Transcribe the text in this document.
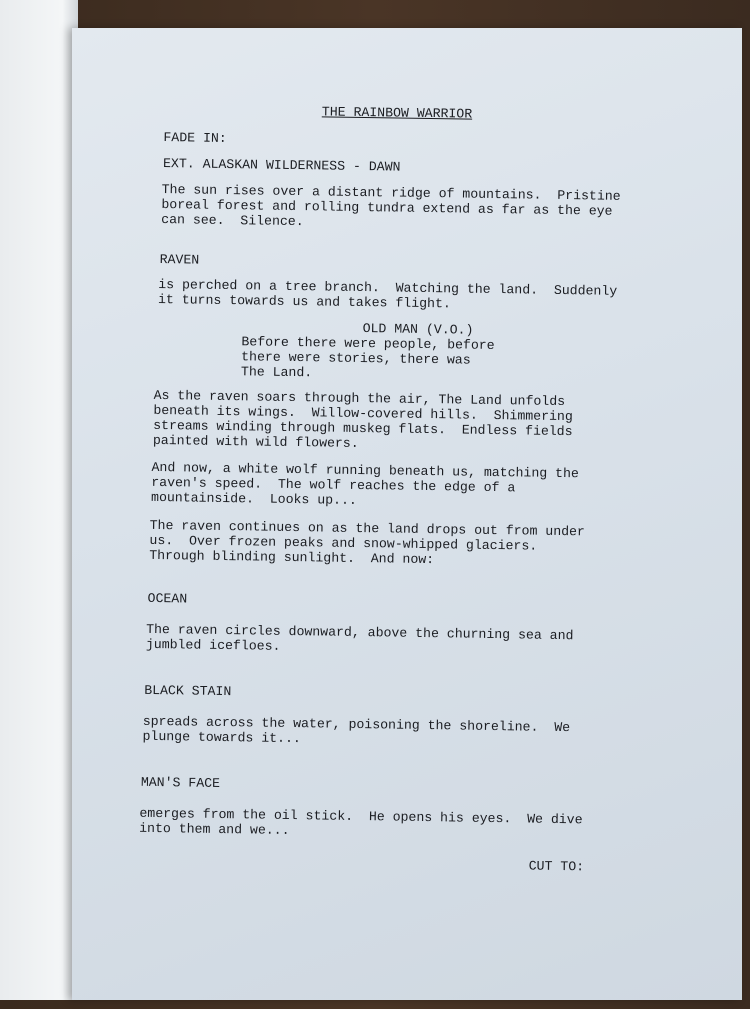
THE RAINBOW WARRIOR
FADE IN:
EXT. ALASKAN WILDERNESS - DAWN
The sun rises over a distant ridge of mountains.  Pristine
boreal forest and rolling tundra extend as far as the eye
can see.  Silence.
RAVEN
is perched on a tree branch.  Watching the land.  Suddenly
it turns towards us and takes flight.
OLD MAN (V.O.)
Before there were people, before
there were stories, there was
The Land.
As the raven soars through the air, The Land unfolds
beneath its wings.  Willow-covered hills.  Shimmering
streams winding through muskeg flats.  Endless fields
painted with wild flowers.
And now, a white wolf running beneath us, matching the
raven's speed.  The wolf reaches the edge of a
mountainside.  Looks up...
The raven continues on as the land drops out from under
us.  Over frozen peaks and snow-whipped glaciers.
Through blinding sunlight.  And now:
OCEAN
The raven circles downward, above the churning sea and
jumbled icefloes.
BLACK STAIN
spreads across the water, poisoning the shoreline.  We
plunge towards it...
MAN'S FACE
emerges from the oil stick.  He opens his eyes.  We dive
into them and we...
CUT TO:
